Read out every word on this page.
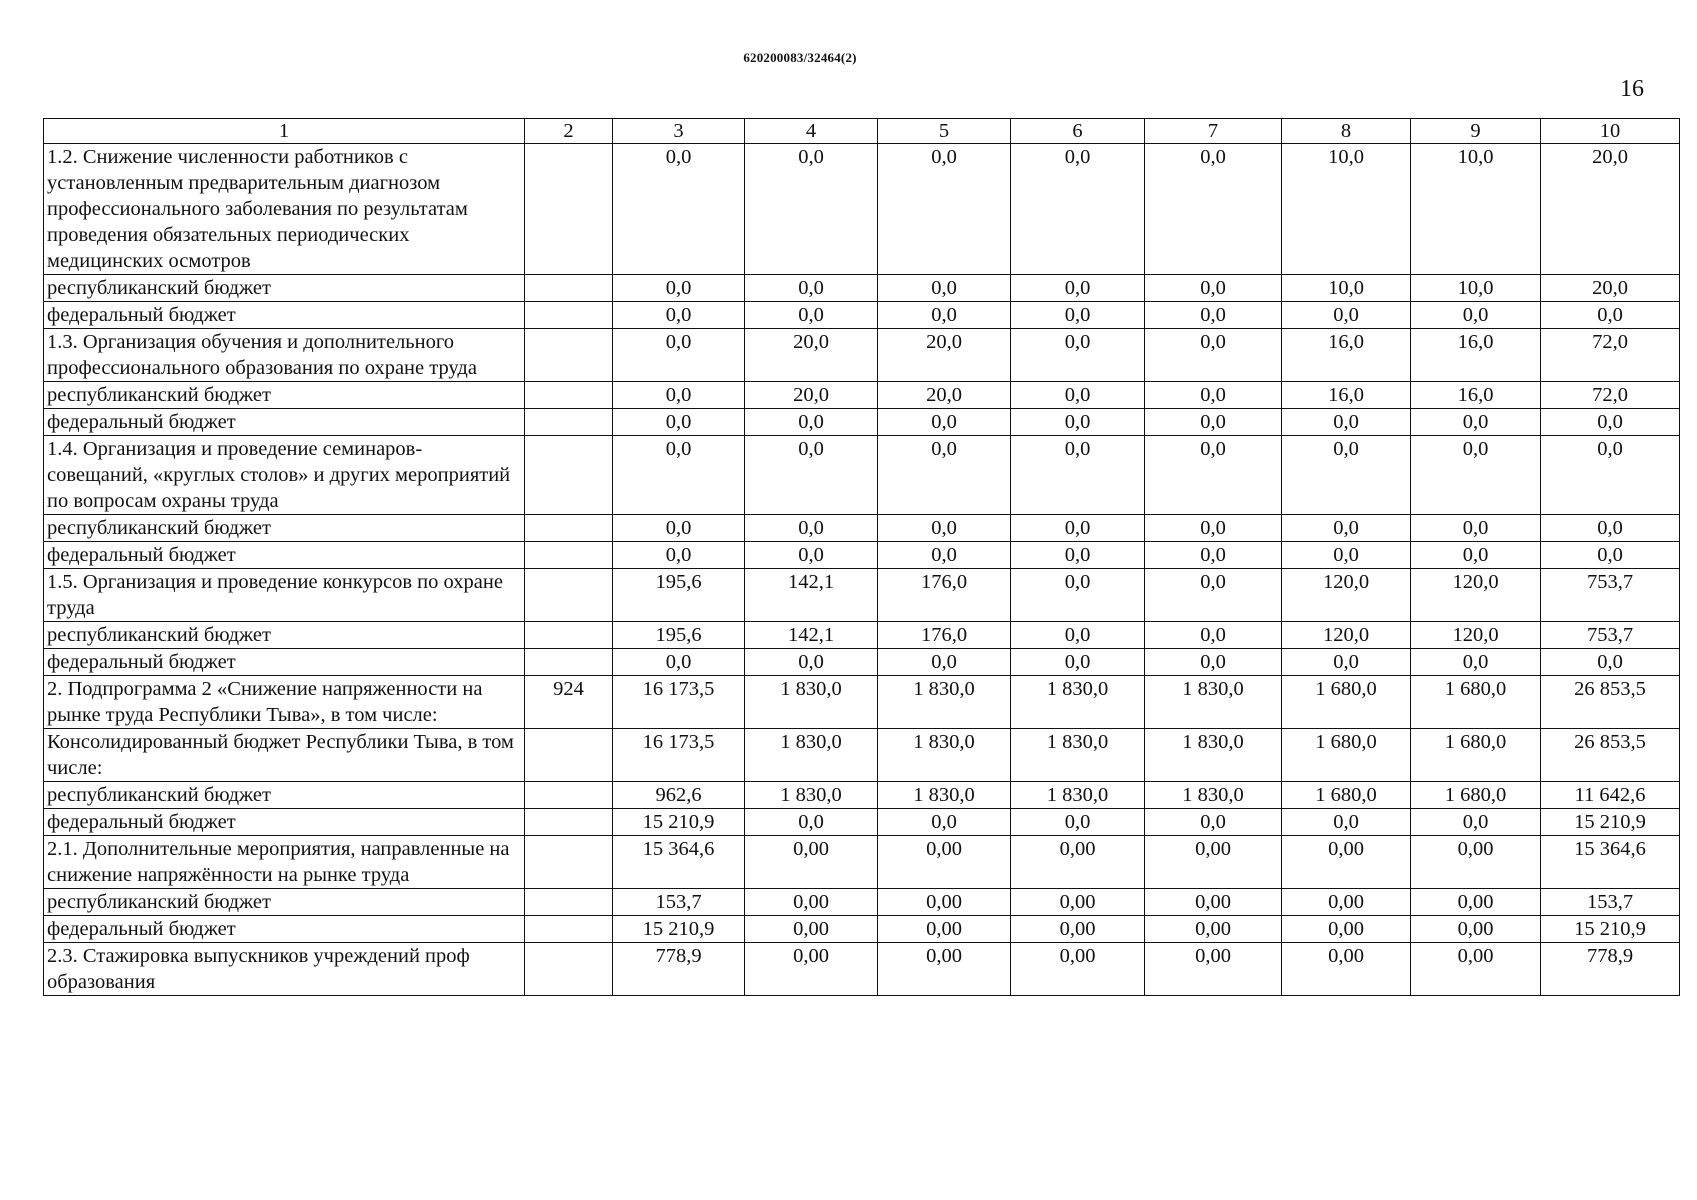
620200083/32464(2)
16
1	2	3	4	5	6	7	8	9	10
1.2. Снижение численности работников с установленным предварительным диагнозом профессионального заболевания по результатам проведения обязательных периодических медицинских осмотров		0,0	0,0	0,0	0,0	0,0	10,0	10,0	20,0
республиканский бюджет		0,0	0,0	0,0	0,0	0,0	10,0	10,0	20,0
федеральный бюджет		0,0	0,0	0,0	0,0	0,0	0,0	0,0	0,0
1.3. Организация обучения и дополнительного профессионального образования по охране труда		0,0	20,0	20,0	0,0	0,0	16,0	16,0	72,0
республиканский бюджет		0,0	20,0	20,0	0,0	0,0	16,0	16,0	72,0
федеральный бюджет		0,0	0,0	0,0	0,0	0,0	0,0	0,0	0,0
1.4. Организация и проведение семинаров-совещаний, «круглых столов» и других мероприятий по вопросам охраны труда		0,0	0,0	0,0	0,0	0,0	0,0	0,0	0,0
республиканский бюджет		0,0	0,0	0,0	0,0	0,0	0,0	0,0	0,0
федеральный бюджет		0,0	0,0	0,0	0,0	0,0	0,0	0,0	0,0
1.5. Организация и проведение конкурсов по охране труда		195,6	142,1	176,0	0,0	0,0	120,0	120,0	753,7
республиканский бюджет		195,6	142,1	176,0	0,0	0,0	120,0	120,0	753,7
федеральный бюджет		0,0	0,0	0,0	0,0	0,0	0,0	0,0	0,0
2. Подпрограмма 2 «Снижение напряженности на рынке труда Республики Тыва», в том числе:	924	16 173,5	1 830,0	1 830,0	1 830,0	1 830,0	1 680,0	1 680,0	26 853,5
Консолидированный бюджет Республики Тыва, в том числе:		16 173,5	1 830,0	1 830,0	1 830,0	1 830,0	1 680,0	1 680,0	26 853,5
республиканский бюджет		962,6	1 830,0	1 830,0	1 830,0	1 830,0	1 680,0	1 680,0	11 642,6
федеральный бюджет		15 210,9	0,0	0,0	0,0	0,0	0,0	0,0	15 210,9
2.1. Дополнительные мероприятия, направленные на снижение напряжённости на рынке труда		15 364,6	0,00	0,00	0,00	0,00	0,00	0,00	15 364,6
республиканский бюджет		153,7	0,00	0,00	0,00	0,00	0,00	0,00	153,7
федеральный бюджет		15 210,9	0,00	0,00	0,00	0,00	0,00	0,00	15 210,9
2.3. Стажировка выпускников учреждений проф образования		778,9	0,00	0,00	0,00	0,00	0,00	0,00	778,9
